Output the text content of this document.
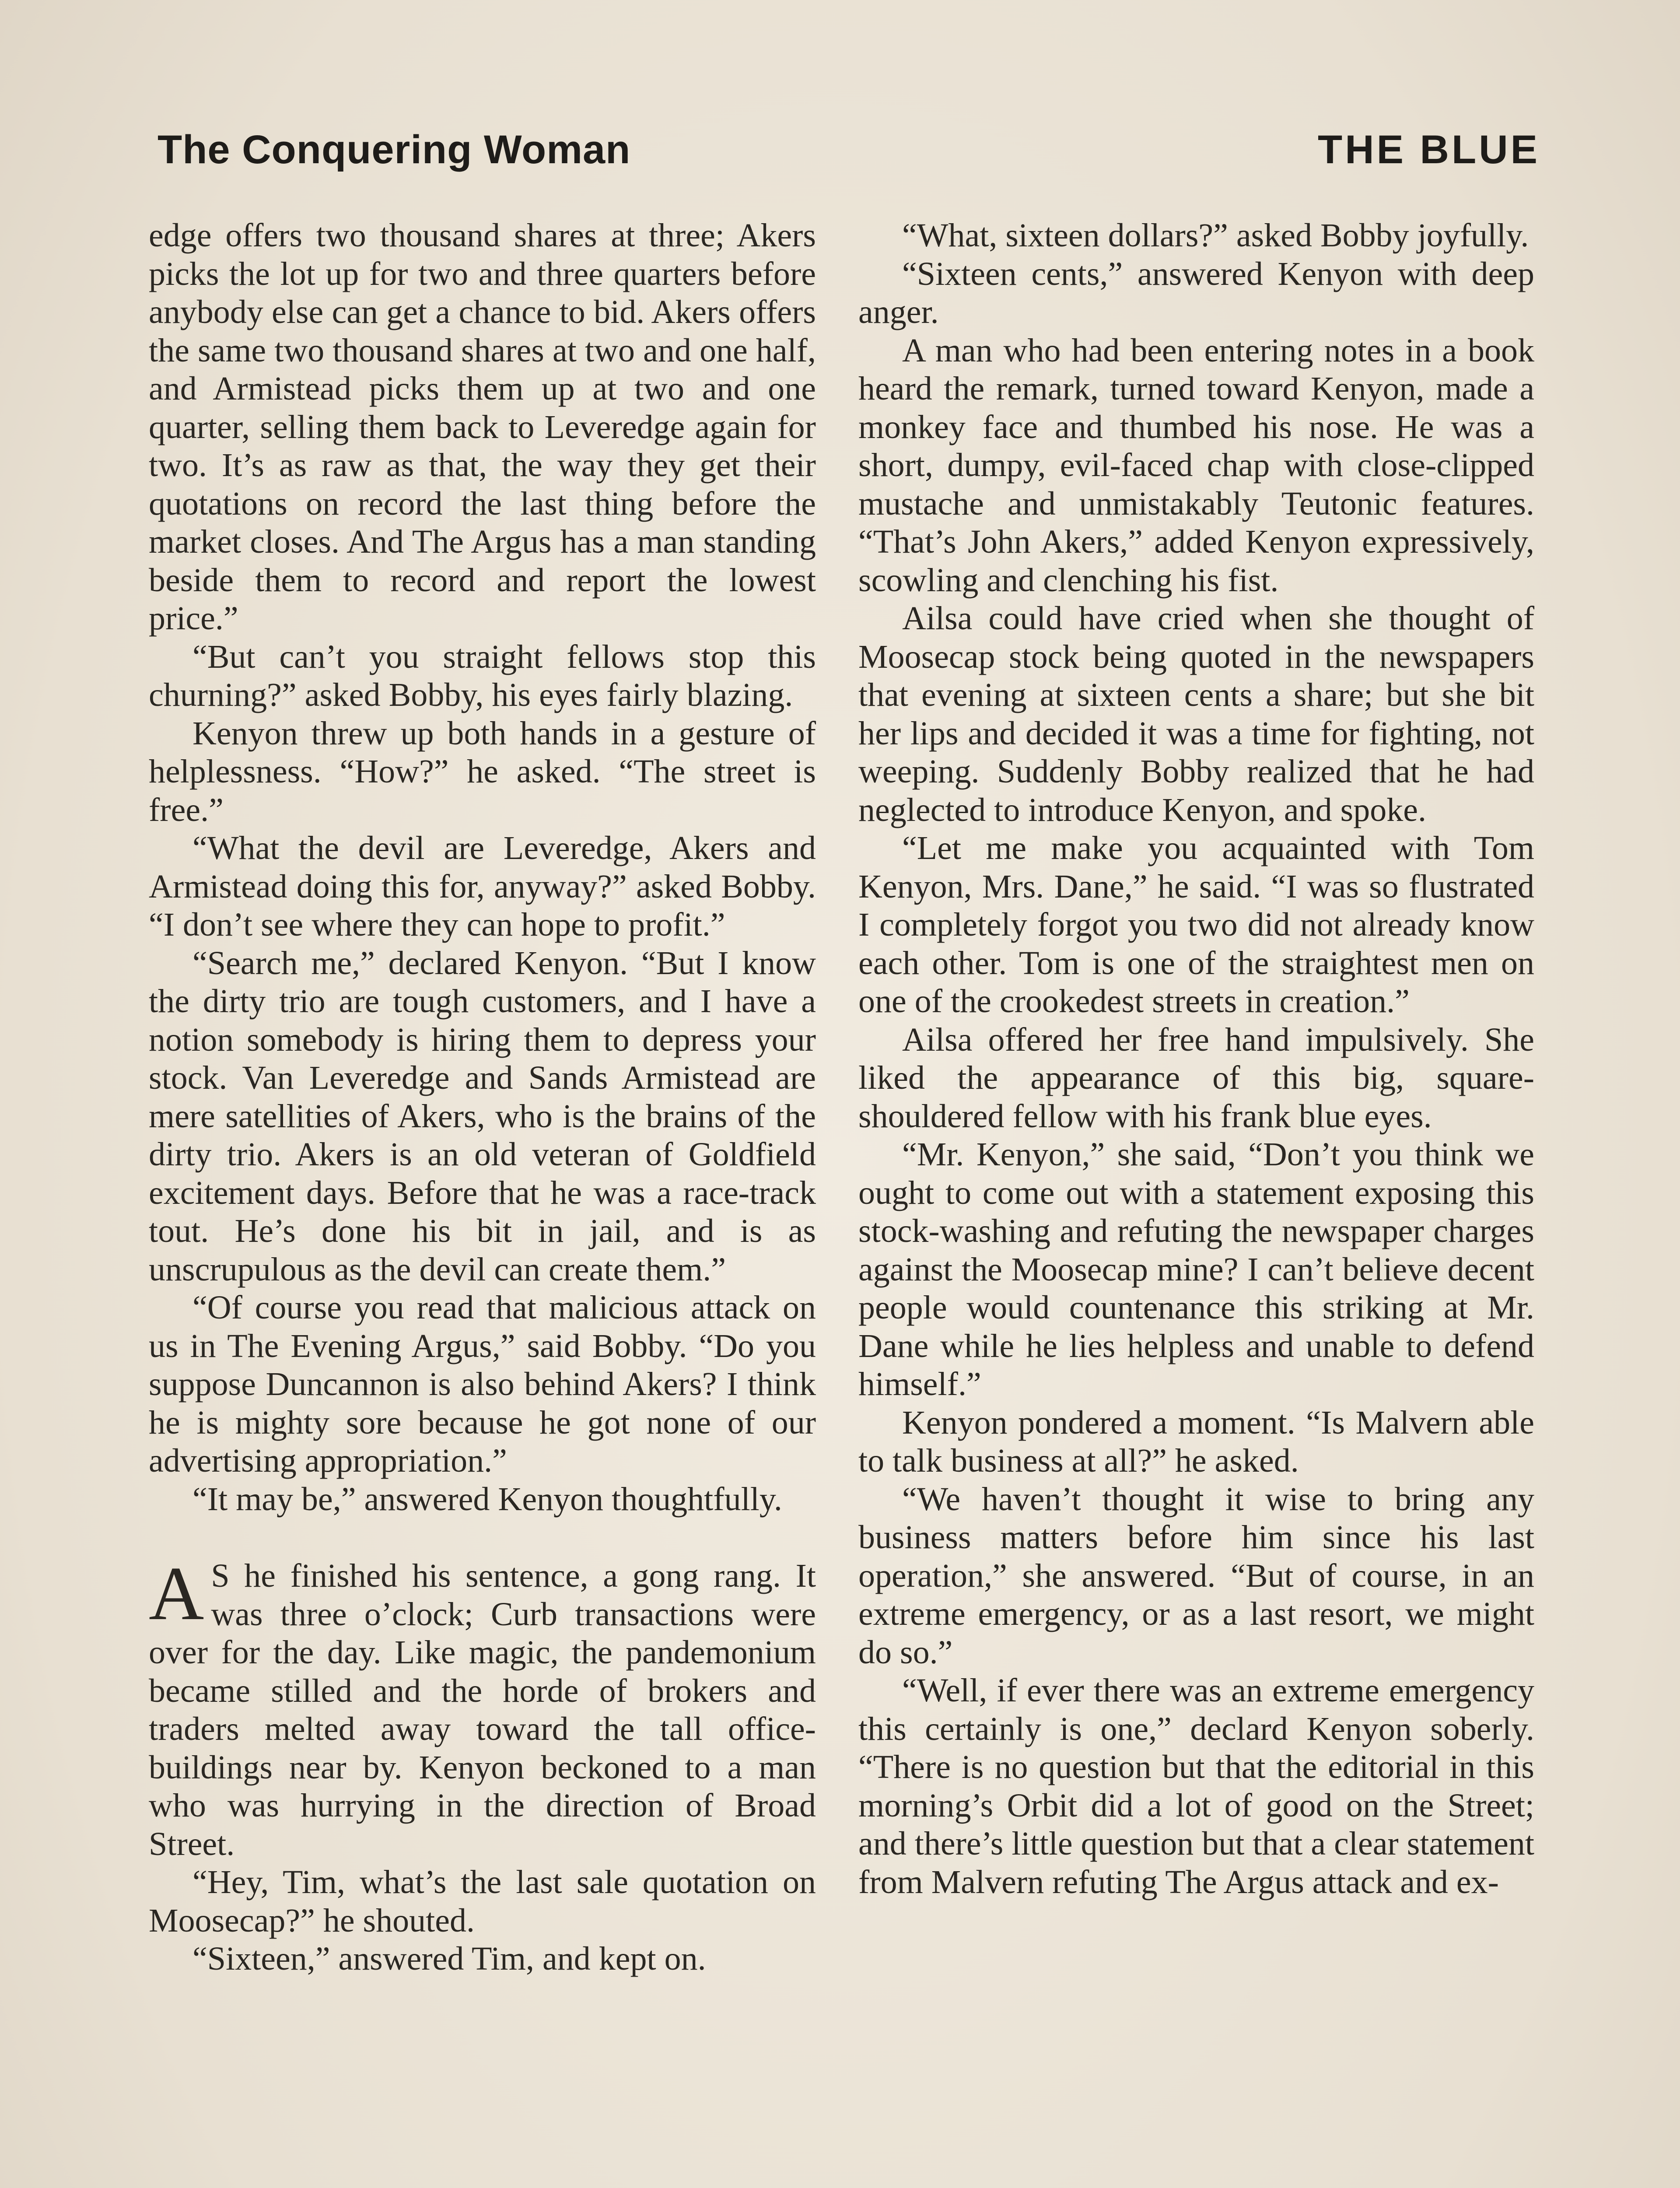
The Conquering Woman	THE BLUE

edge offers two thousand shares at three; Akers picks the lot up for two and three quarters before anybody else can get a chance to bid. Akers offers the same two thousand shares at two and one half, and Armistead picks them up at two and one quarter, selling them back to Leveredge again for two. It’s as raw as that, the way they get their quotations on record the last thing before the market closes. And The Argus has a man standing beside them to record and report the lowest price.”

“But can’t you straight fellows stop this churning?” asked Bobby, his eyes fairly blazing.

Kenyon threw up both hands in a gesture of helplessness. “How?” he asked. “The street is free.”

“What the devil are Leveredge, Akers and Armistead doing this for, anyway?” asked Bobby. “I don’t see where they can hope to profit.”

“Search me,” declared Kenyon. “But I know the dirty trio are tough customers, and I have a notion somebody is hiring them to depress your stock. Van Leveredge and Sands Armistead are mere satellities of Akers, who is the brains of the dirty trio. Akers is an old veteran of Goldfield excitement days. Before that he was a race-track tout. He’s done his bit in jail, and is as unscrupulous as the devil can create them.”

“Of course you read that malicious attack on us in The Evening Argus,” said Bobby. “Do you suppose Duncannon is also behind Akers? I think he is mighty sore because he got none of our advertising appropriation.”

“It may be,” answered Kenyon thoughtfully.

A S he finished his sentence, a gong rang. It was three o’clock; Curb transactions were over for the day. Like magic, the pandemonium became stilled and the horde of brokers and traders melted away toward the tall office-buildings near by. Kenyon beckoned to a man who was hurrying in the direction of Broad Street.

“Hey, Tim, what’s the last sale quotation on Moosecap?” he shouted.

“Sixteen,” answered Tim, and kept on.

“What, sixteen dollars?” asked Bobby joyfully.

“Sixteen cents,” answered Kenyon with deep anger.

A man who had been entering notes in a book heard the remark, turned toward Kenyon, made a monkey face and thumbed his nose. He was a short, dumpy, evil-faced chap with close-clipped mustache and unmistakably Teutonic features. “That’s John Akers,” added Kenyon expressively, scowling and clenching his fist.

Ailsa could have cried when she thought of Moosecap stock being quoted in the newspapers that evening at sixteen cents a share; but she bit her lips and decided it was a time for fighting, not weeping. Suddenly Bobby realized that he had neglected to introduce Kenyon, and spoke.

“Let me make you acquainted with Tom Kenyon, Mrs. Dane,” he said. “I was so flustrated I completely forgot you two did not already know each other. Tom is one of the straightest men on one of the crookedest streets in creation.”

Ailsa offered her free hand impulsively. She liked the appearance of this big, square-shouldered fellow with his frank blue eyes.

“Mr. Kenyon,” she said, “Don’t you think we ought to come out with a statement exposing this stock-washing and refuting the newspaper charges against the Moosecap mine? I can’t believe decent people would countenance this striking at Mr. Dane while he lies helpless and unable to defend himself.”

Kenyon pondered a moment. “Is Malvern able to talk business at all?” he asked.

“We haven’t thought it wise to bring any business matters before him since his last operation,” she answered. “But of course, in an extreme emergency, or as a last resort, we might do so.”

“Well, if ever there was an extreme emergency this certainly is one,” declard Kenyon soberly. “There is no question but that the editorial in this morning’s Orbit did a lot of good on the Street; and there’s little question but that a clear statement from Malvern refuting The Argus attack and ex-
